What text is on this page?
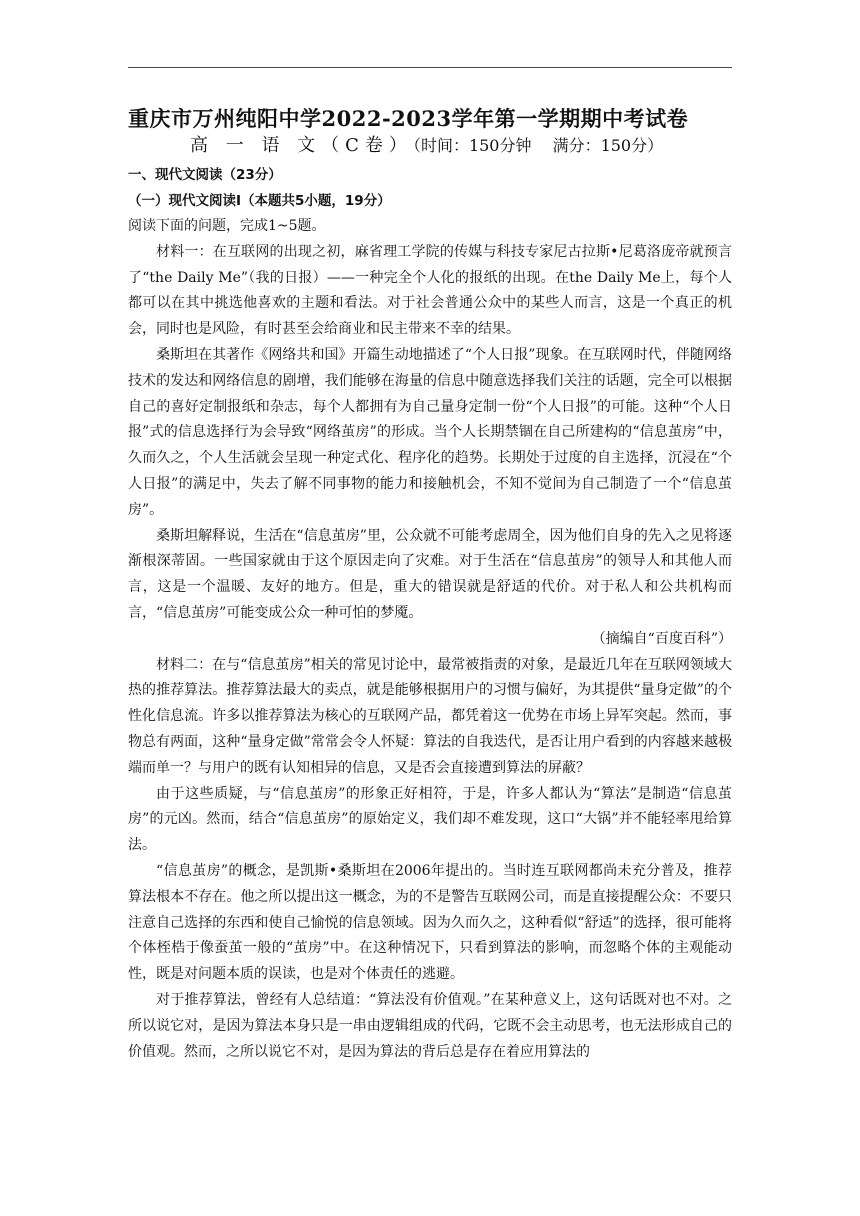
重庆市万州纯阳中学2022-2023学年第一学期期中考试卷
高 一 语 文（C卷）（时间：150分钟　 满分：150分）
一、现代文阅读（23分）
（一）现代文阅读Ⅰ（本题共5小题，19分）

阅读下面的问题，完成1~5题。

材料一：在互联网的出现之初，麻省理工学院的传媒与科技专家尼古拉斯•尼葛洛庞帝就预言了“the Daily Me”（我的日报）——一种完全个人化的报纸的出现。在the Daily Me上，每个人都可以在其中挑选他喜欢的主题和看法。对于社会普通公众中的某些人而言，这是一个真正的机会，同时也是风险，有时甚至会给商业和民主带来不幸的结果。

桑斯坦在其著作《网络共和国》开篇生动地描述了“个人日报”现象。在互联网时代，伴随网络技术的发达和网络信息的剧增，我们能够在海量的信息中随意选择我们关注的话题，完全可以根据自己的喜好定制报纸和杂志，每个人都拥有为自己量身定制一份“个人日报”的可能。这种“个人日报”式的信息选择行为会导致“网络茧房”的形成。当个人长期禁锢在自己所建构的“信息茧房”中，久而久之，个人生活就会呈现一种定式化、程序化的趋势。长期处于过度的自主选择，沉浸在“个人日报”的满足中，失去了解不同事物的能力和接触机会，不知不觉间为自己制造了一个“信息茧房”。

桑斯坦解释说，生活在“信息茧房”里，公众就不可能考虑周全，因为他们自身的先入之见将逐渐根深蒂固。一些国家就由于这个原因走向了灾难。对于生活在“信息茧房”的领导人和其他人而言，这是一个温暖、友好的地方。但是，重大的错误就是舒适的代价。对于私人和公共机构而言，“信息茧房”可能变成公众一种可怕的梦魇。

（摘编自“百度百科”）

材料二：在与“信息茧房”相关的常见讨论中，最常被指责的对象，是最近几年在互联网领域大热的推荐算法。推荐算法最大的卖点，就是能够根据用户的习惯与偏好，为其提供“量身定做”的个性化信息流。许多以推荐算法为核心的互联网产品，都凭着这一优势在市场上异军突起。然而，事物总有两面，这种“量身定做”常常会令人怀疑：算法的自我迭代，是否让用户看到的内容越来越极端而单一？与用户的既有认知相异的信息，又是否会直接遭到算法的屏蔽？

由于这些质疑，与“信息茧房”的形象正好相符，于是，许多人都认为“算法”是制造“信息茧房”的元凶。然而，结合“信息茧房”的原始定义，我们却不难发现，这口“大锅”并不能轻率甩给算法。

“信息茧房”的概念，是凯斯•桑斯坦在2006年提出的。当时连互联网都尚未充分普及，推荐算法根本不存在。他之所以提出这一概念，为的不是警告互联网公司，而是直接提醒公众：不要只注意自己选择的东西和使自己愉悦的信息领域。因为久而久之，这种看似“舒适”的选择，很可能将个体桎梏于像蚕茧一般的“茧房”中。在这种情况下，只看到算法的影响，而忽略个体的主观能动性，既是对问题本质的误读，也是对个体责任的逃避。

对于推荐算法，曾经有人总结道：“算法没有价值观。”在某种意义上，这句话既对也不对。之所以说它对，是因为算法本身只是一串由逻辑组成的代码，它既不会主动思考，也无法形成自己的价值观。然而，之所以说它不对，是因为算法的背后总是存在着应用算法的
